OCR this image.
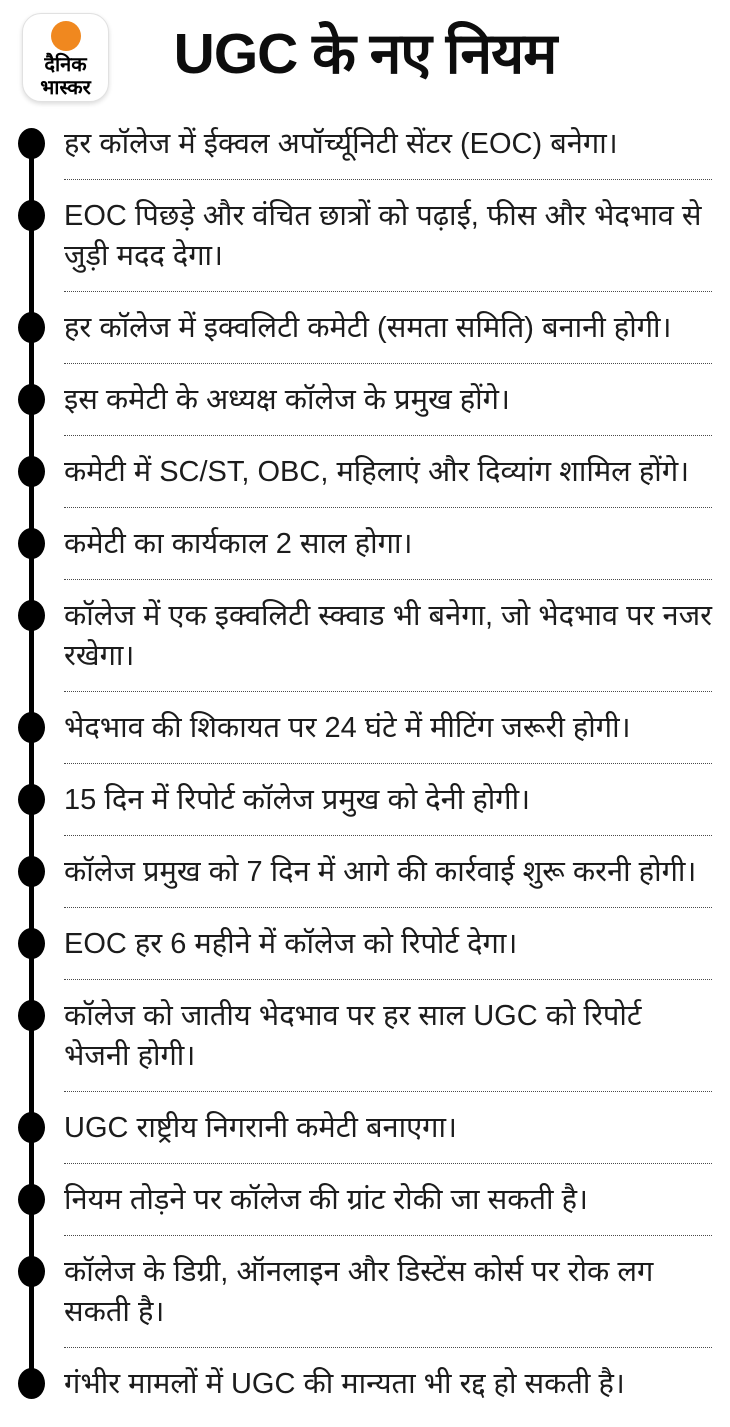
दैनिक
भास्कर
UGC के नए नियम

हर कॉलेज में ईक्वल अपॉर्च्यूनिटी सेंटर (EOC) बनेगा।

EOC पिछड़े और वंचित छात्रों को पढ़ाई, फीस और भेदभाव से जुड़ी मदद देगा।

हर कॉलेज में इक्वलिटी कमेटी (समता समिति) बनानी होगी।

इस कमेटी के अध्यक्ष कॉलेज के प्रमुख होंगे।

कमेटी में SC/ST, OBC, महिलाएं और दिव्यांग शामिल होंगे।

कमेटी का कार्यकाल 2 साल होगा।

कॉलेज में एक इक्वलिटी स्क्वाड भी बनेगा, जो भेदभाव पर नजर रखेगा।

भेदभाव की शिकायत पर 24 घंटे में मीटिंग जरूरी होगी।

15 दिन में रिपोर्ट कॉलेज प्रमुख को देनी होगी।

कॉलेज प्रमुख को 7 दिन में आगे की कार्रवाई शुरू करनी होगी।

EOC हर 6 महीने में कॉलेज को रिपोर्ट देगा।

कॉलेज को जातीय भेदभाव पर हर साल UGC को रिपोर्ट भेजनी होगी।

UGC राष्ट्रीय निगरानी कमेटी बनाएगा।

नियम तोड़ने पर कॉलेज की ग्रांट रोकी जा सकती है।

कॉलेज के डिग्री, ऑनलाइन और डिस्टेंस कोर्स पर रोक लग सकती है।

गंभीर मामलों में UGC की मान्यता भी रद्द हो सकती है।
